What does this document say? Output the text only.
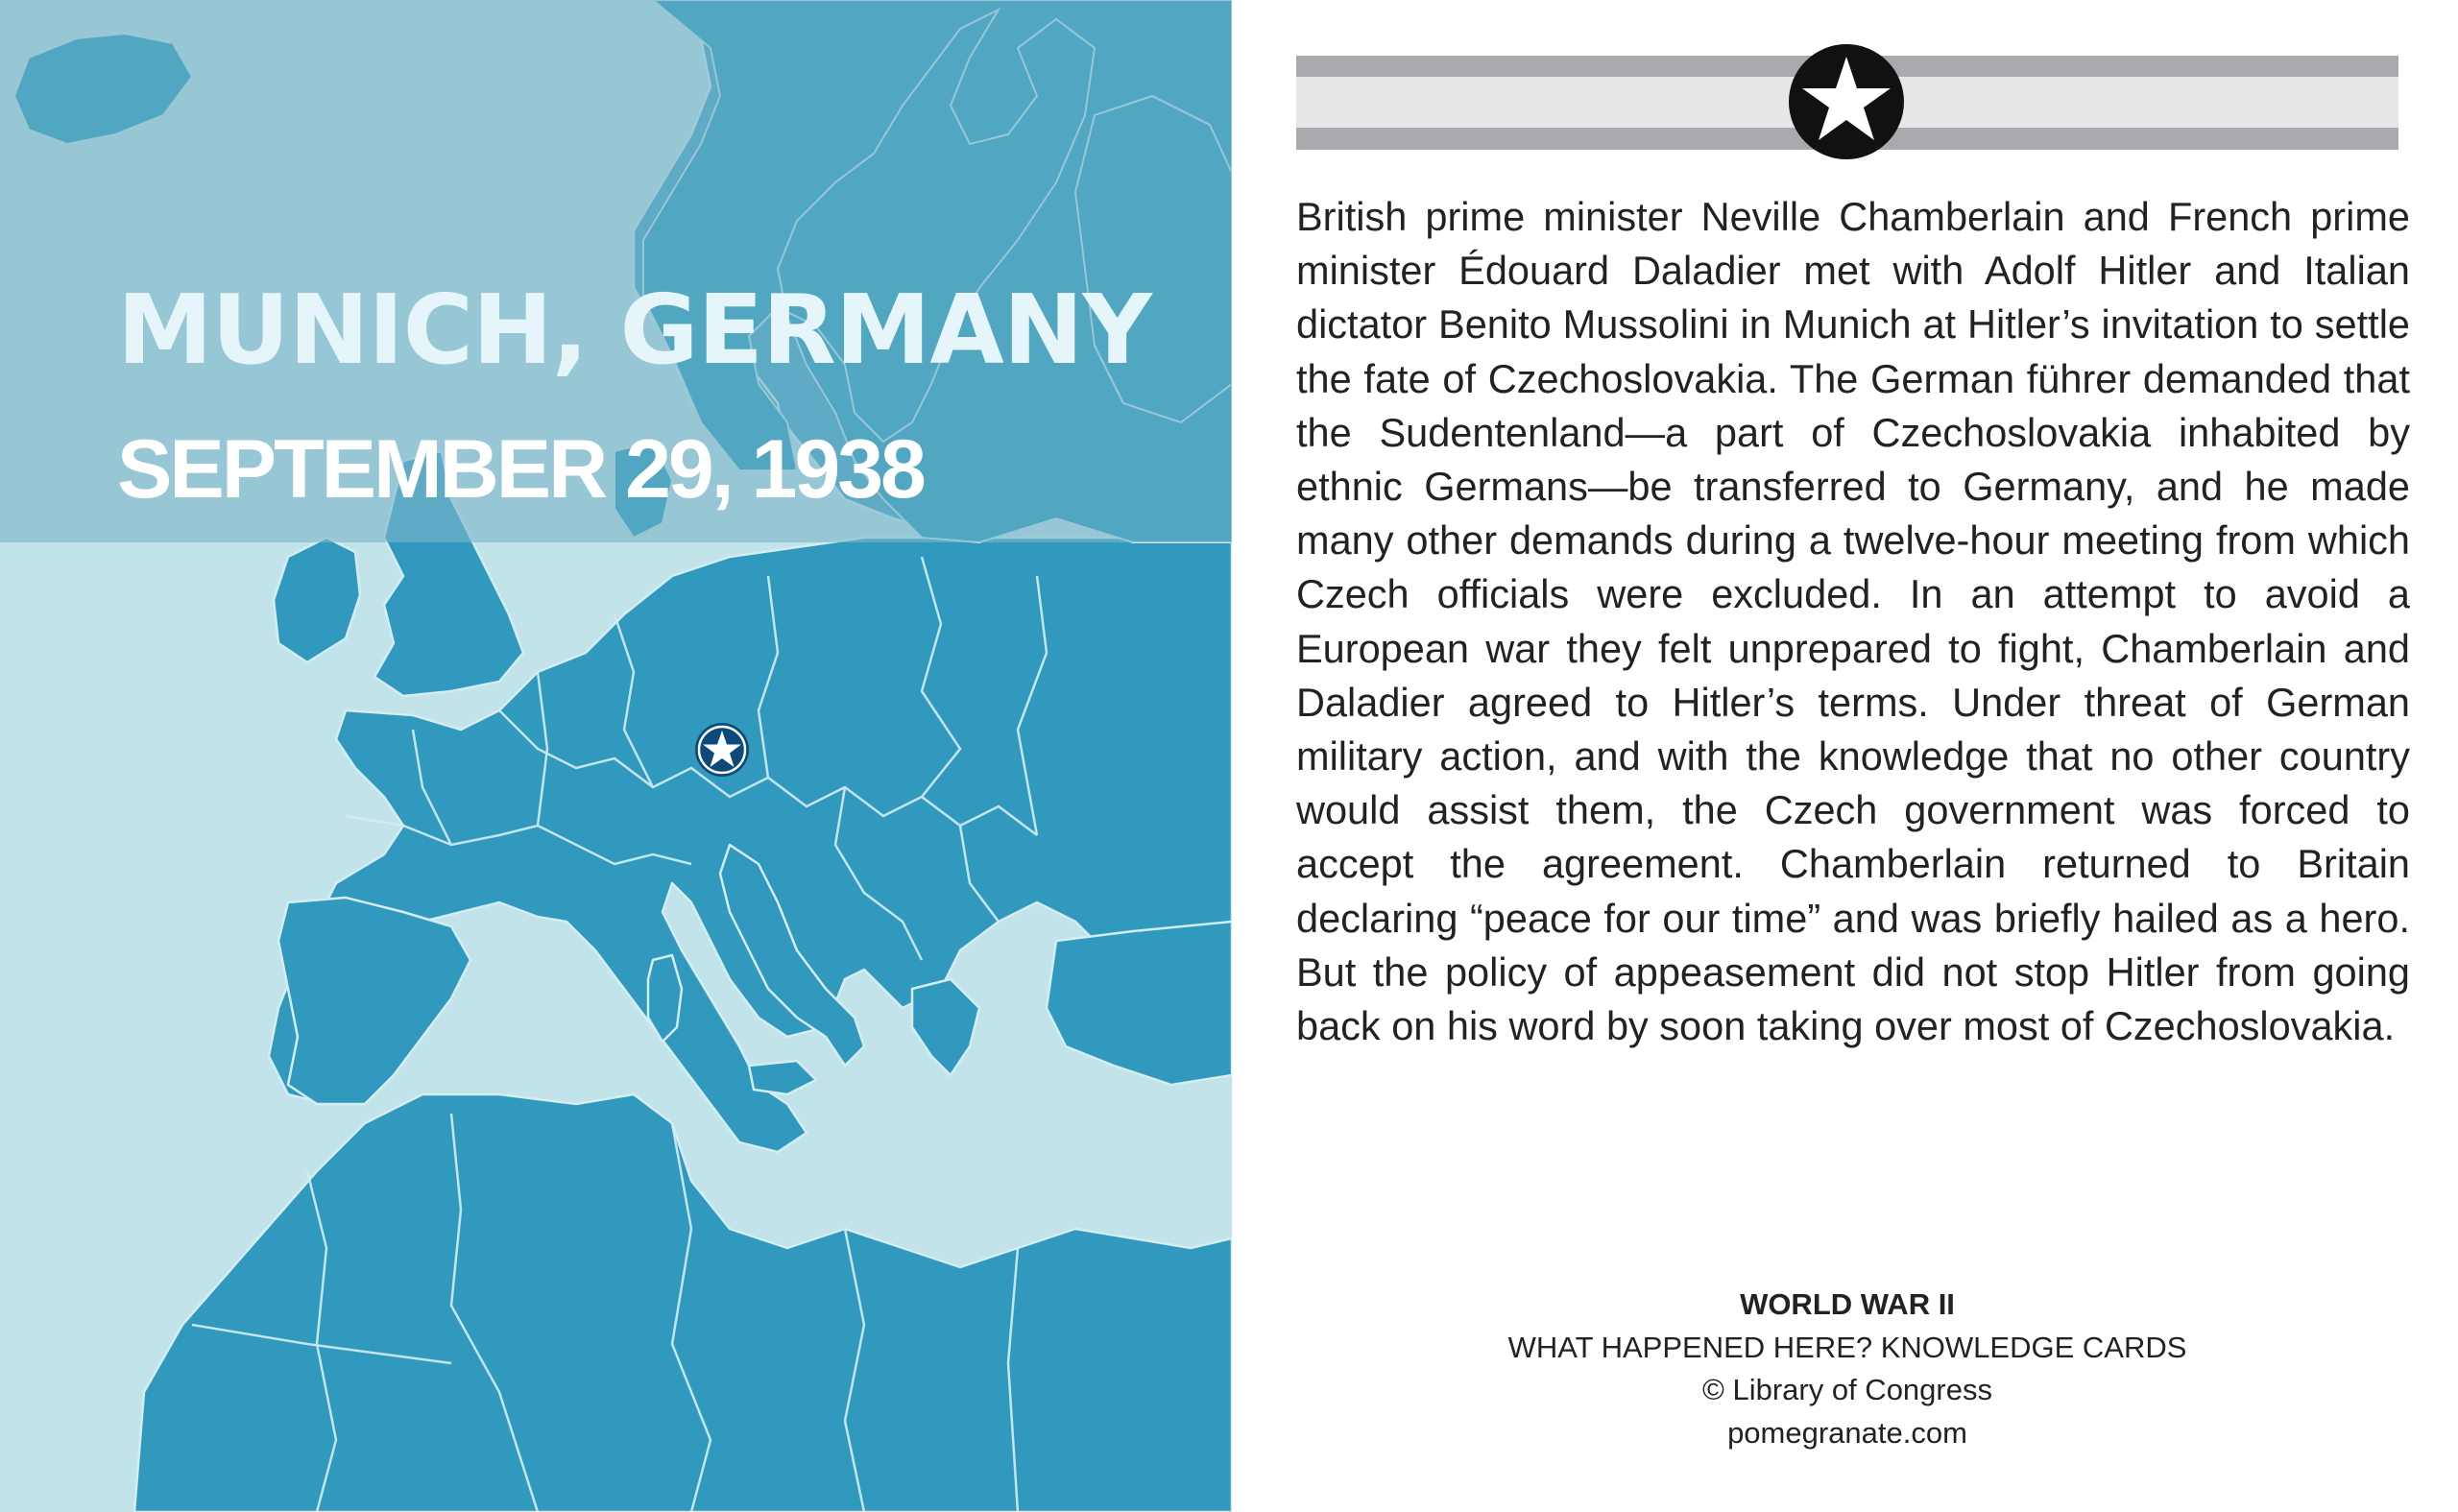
MUNICH, GERMANY
SEPTEMBER 29, 1938

British prime minister Neville Chamberlain and French prime minister Édouard Daladier met with Adolf Hitler and Italian dictator Benito Mussolini in Munich at Hitler’s invitation to settle the fate of Czechoslovakia. The German führer demanded that the Sudentenland—a part of Czechoslovakia inhabited by ethnic Germans—be transferred to Germany, and he made many other demands during a twelve-hour meeting from which Czech officials were excluded. In an attempt to avoid a European war they felt unprepared to fight, Chamberlain and Daladier agreed to Hitler’s terms. Under threat of German military action, and with the knowledge that no other country would assist them, the Czech government was forced to accept the agreement. Chamberlain returned to Britain declaring “peace for our time” and was briefly hailed as a hero. But the policy of appeasement did not stop Hitler from going back on his word by soon taking over most of Czechoslovakia.

WORLD WAR II
WHAT HAPPENED HERE? KNOWLEDGE CARDS
© Library of Congress
pomegranate.com
